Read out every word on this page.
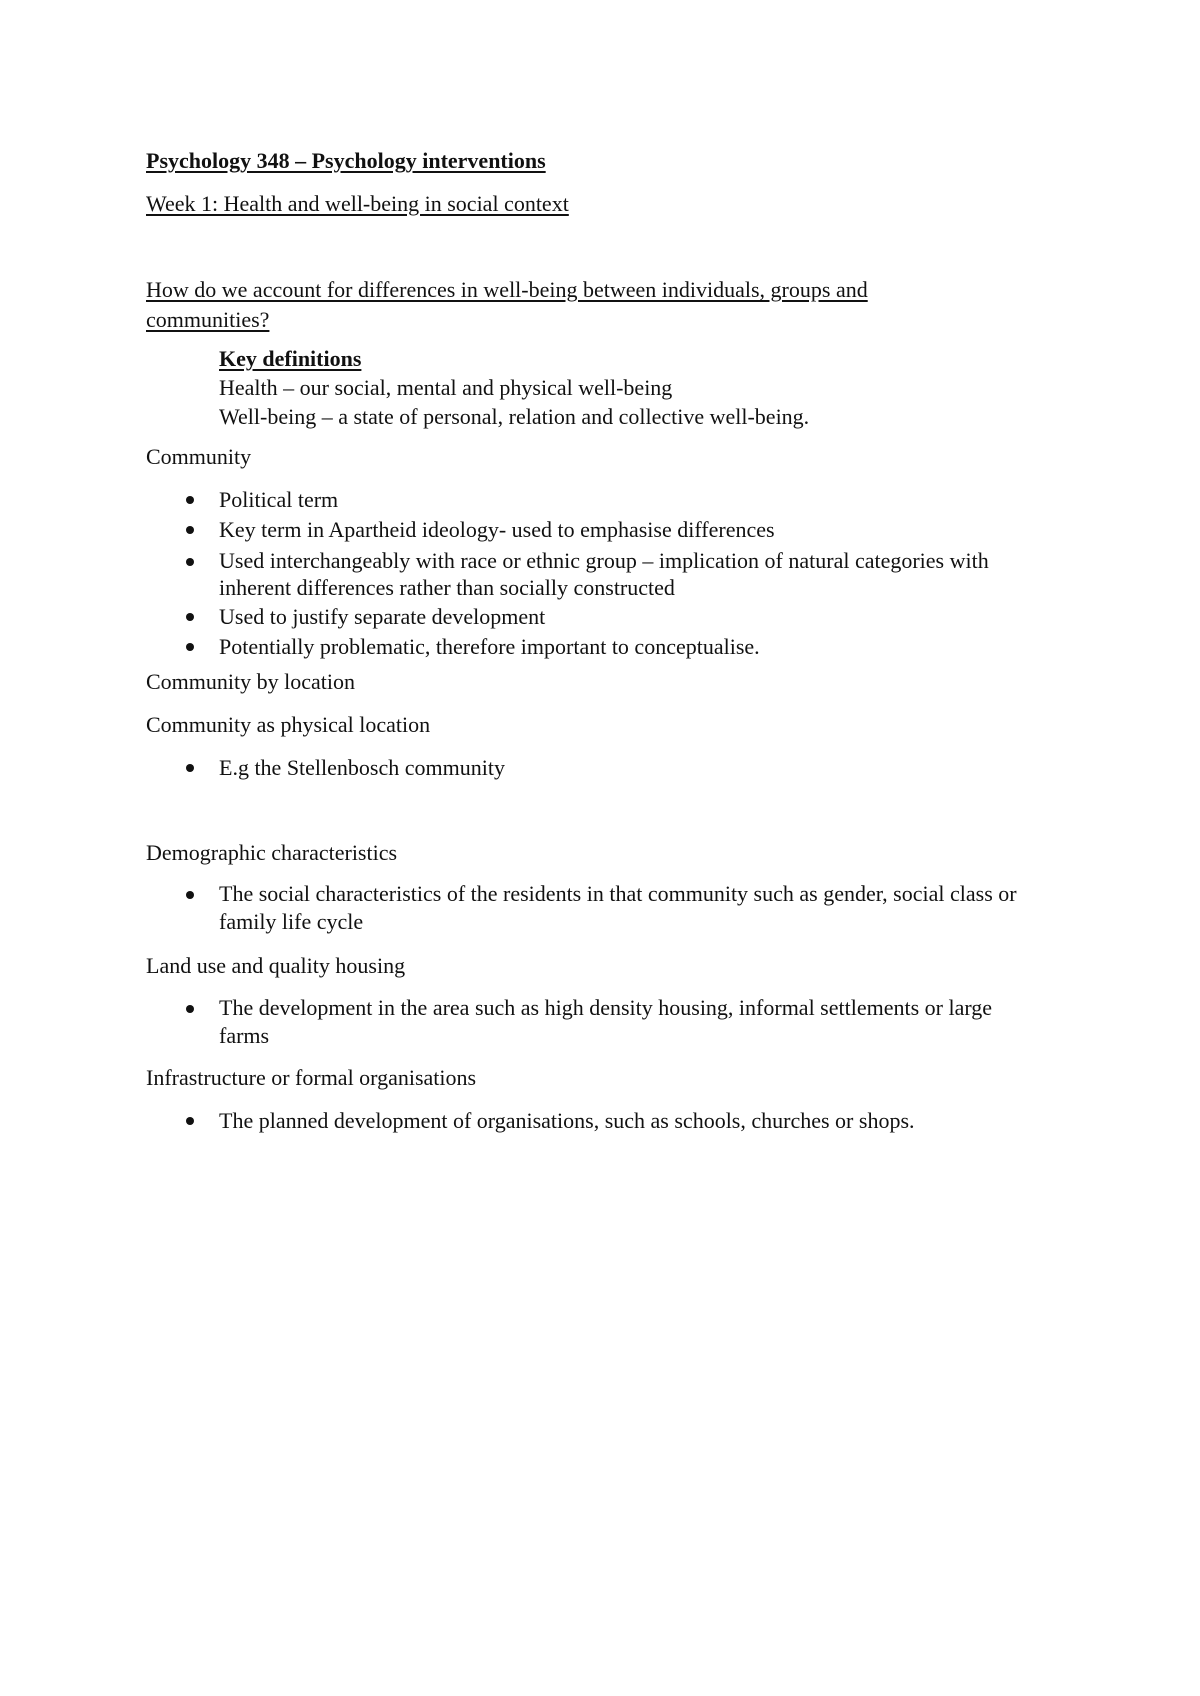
Psychology 348 – Psychology interventions
Week 1: Health and well-being in social context
How do we account for differences in well-being between individuals, groups and communities?
Key definitions
Health – our social, mental and physical well-being
Well-being – a state of personal, relation and collective well-being.
Community
Political term
Key term in Apartheid ideology- used to emphasise differences
Used interchangeably with race or ethnic group – implication of natural categories with inherent differences rather than socially constructed
Used to justify separate development
Potentially problematic, therefore important to conceptualise.
Community by location
Community as physical location
E.g the Stellenbosch community
Demographic characteristics
The social characteristics of the residents in that community such as gender, social class or family life cycle
Land use and quality housing
The development in the area such as high density housing, informal settlements or large farms
Infrastructure or formal organisations
The planned development of organisations, such as schools, churches or shops.
